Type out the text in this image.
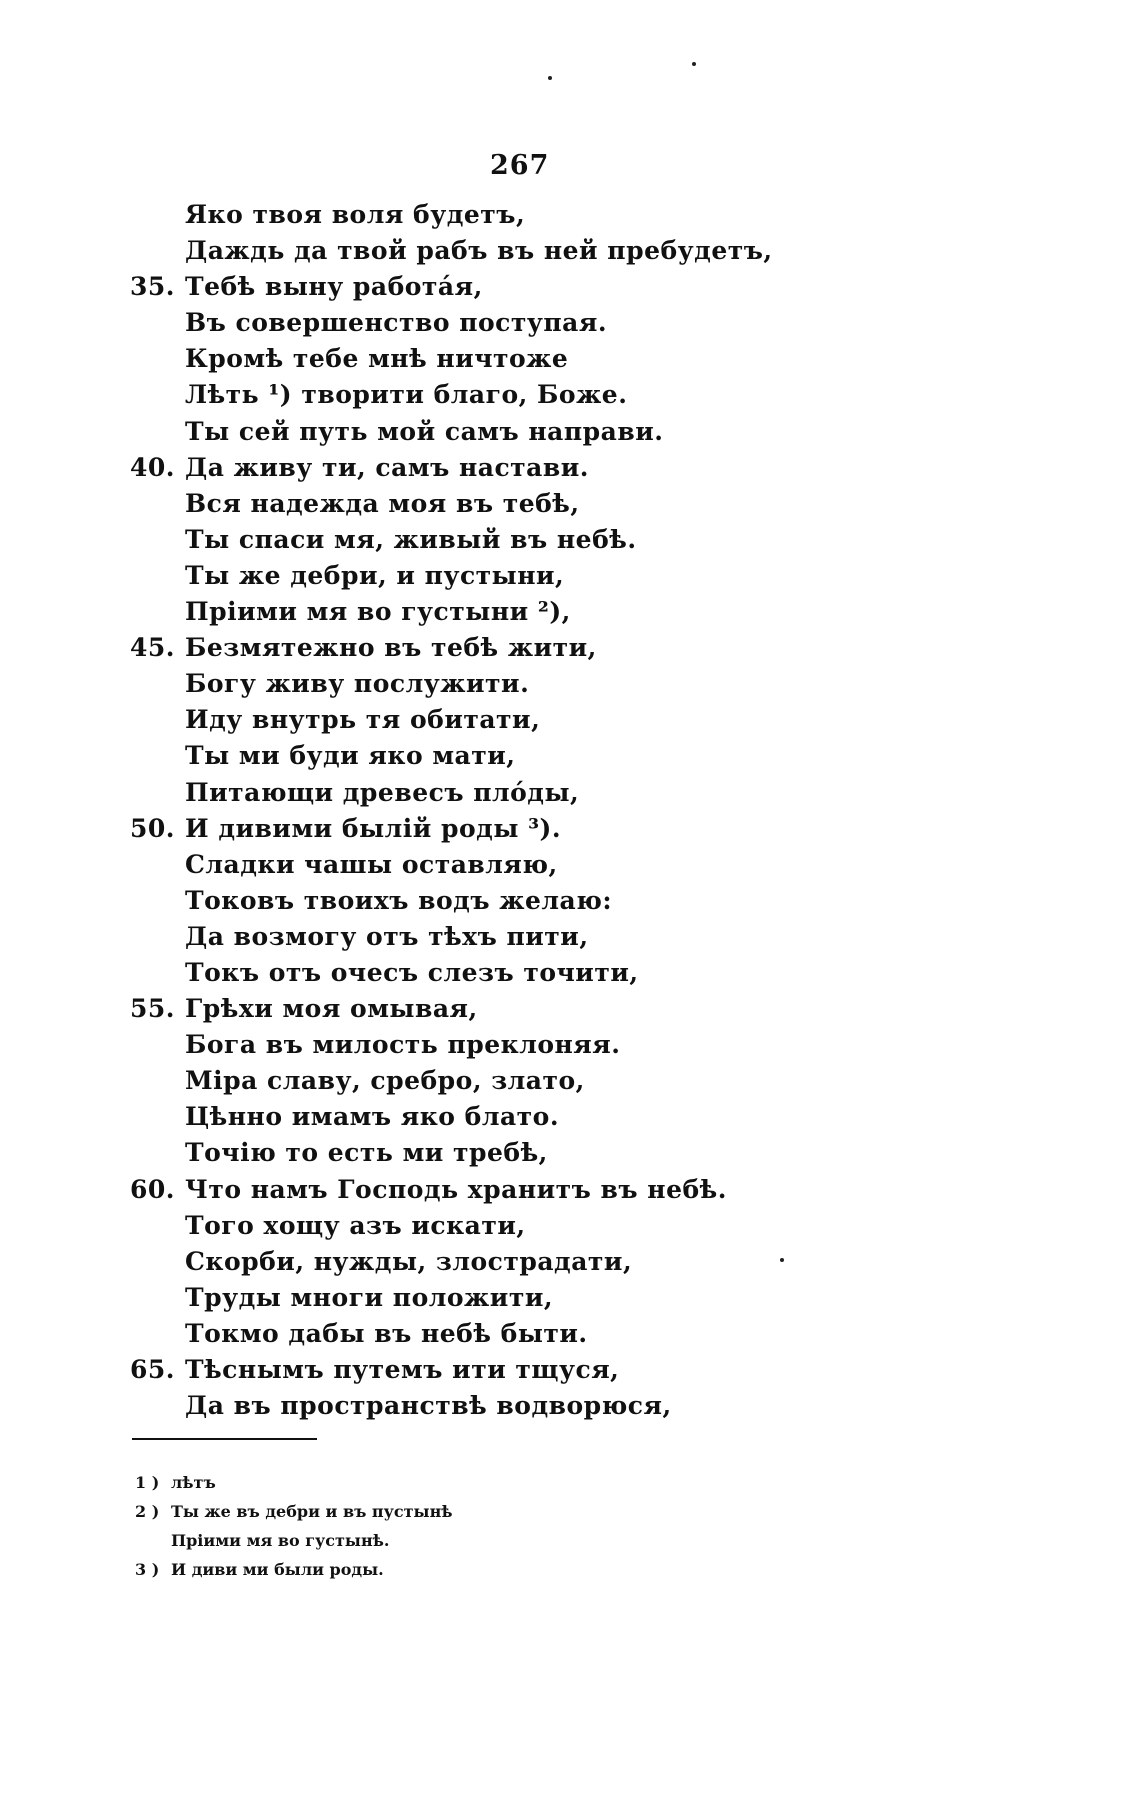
267
Яко твоя воля будетъ,
Даждь да твой рабъ въ ней пребудетъ,
35. Тебѣ выну работáя,
Въ совершенство поступая.
Кромѣ тебе мнѣ ничтоже
Лѣть ¹) творити благо, Боже.
Ты сей путь мой самъ направи.
40. Да живу ти, самъ настави.
Вся надежда моя въ тебѣ,
Ты спаси мя, живый въ небѣ.
Ты же дебри, и пустыни,
Пріими мя во густыни ²),
45. Безмятежно въ тебѣ жити,
Богу живу послужити.
Иду внутрь тя обитати,
Ты ми буди яко мати,
Питающи древесъ плóды,
50. И дивими былій роды ³).
Сладки чашы оставляю,
Токовъ твоихъ водъ желаю:
Да возмогу отъ тѣхъ пити,
Токъ отъ очесъ слезъ точити,
55. Грѣхи моя омывая,
Бога въ милость преклоняя.
Міра славу, сребро, злато,
Цѣнно имамъ яко блато.
Точію то есть ми требѣ,
60. Что намъ Господь хранитъ въ небѣ.
Того хощу азъ искати,
Скорби, нужды, злострадати,
Труды многи положити,
Токмо дабы въ небѣ быти.
65. Тѣснымъ путемъ ити тщуся,
Да въ пространствѣ водворюся,
1 ) лѣтъ
2 ) Ты же въ дебри и въ пустынѣ
Пріими мя во густынѣ.
3 ) И диви ми были роды.
